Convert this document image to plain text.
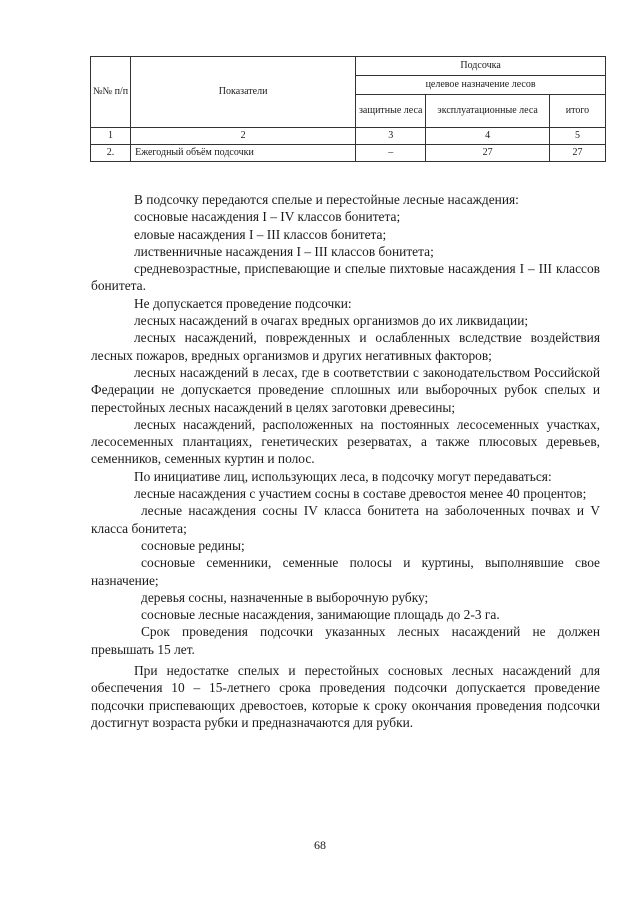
№№ п/п	Показатели	Подсочка		
		целевое назначение лесов		
		защитные леса	эксплуатационные леса	итого
1	2	3	4	5
2.	Ежегодный объём подсочки	–	27	27

В подсочку передаются спелые и перестойные лесные насаждения:

сосновые насаждения I – IV классов бонитета;

еловые насаждения I – III классов бонитета;

лиственничные насаждения I – III классов бонитета;

средневозрастные, приспевающие и спелые пихтовые насаждения I – III классов бонитета.

Не допускается проведение подсочки:

лесных насаждений в очагах вредных организмов до их ликвидации;

лесных насаждений, поврежденных и ослабленных вследствие воздействия лесных пожаров, вредных организмов и других негативных факторов;

лесных насаждений в лесах, где в соответствии с законодательством Российской Федерации не допускается проведение сплошных или выборочных рубок спелых и перестойных лесных насаждений в целях заготовки древесины;

лесных насаждений, расположенных на постоянных лесосеменных участках, лесосеменных плантациях, генетических резерватах, а также плюсовых деревьев, семенников, семенных куртин и полос.

По инициативе лиц, использующих леса, в подсочку могут передаваться:

лесные насаждения с участием сосны в составе древостоя менее 40 процентов;

лесные насаждения сосны IV класса бонитета на заболоченных почвах и V класса бонитета;

сосновые редины;

сосновые семенники, семенные полосы и куртины, выполнявшие свое назначение;

деревья сосны, назначенные в выборочную рубку;

сосновые лесные насаждения, занимающие площадь до 2-3 га.

Срок проведения подсочки указанных лесных насаждений не должен превышать 15 лет.

При недостатке спелых и перестойных сосновых лесных насаждений для обеспечения 10 – 15-летнего срока проведения подсочки допускается проведение подсочки приспевающих древостоев, которые к сроку окончания проведения подсочки достигнут возраста рубки и предназначаются для рубки.

68
